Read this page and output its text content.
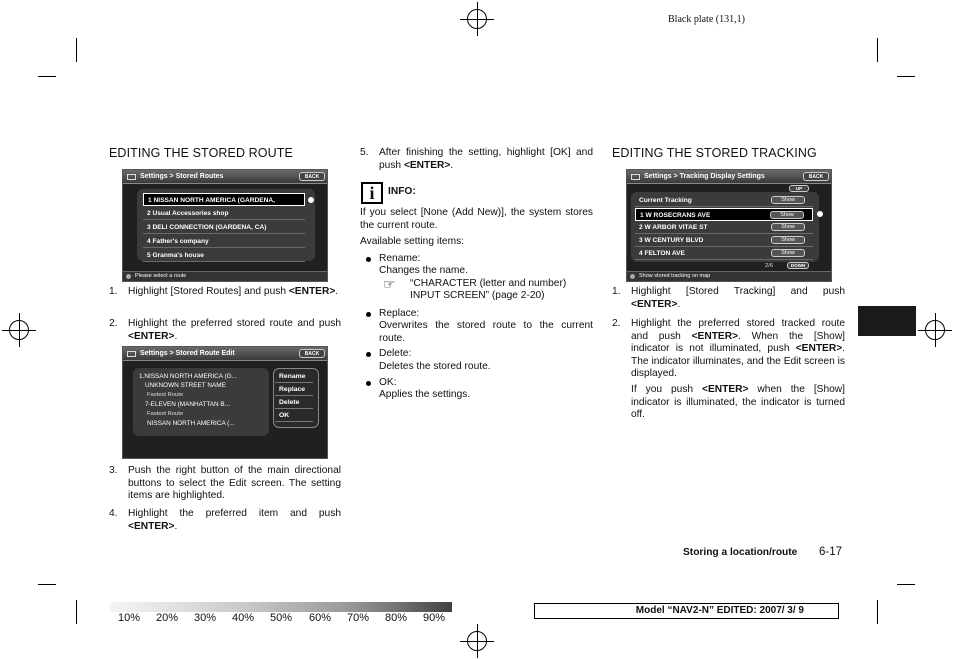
Black plate (131,1)
EDITING THE STORED ROUTE
Settings > Stored Routes	BACK
1 NISSAN NORTH AMERICA (GARDENA,
2 Usual Accessories shop
3 DELI CONNECTION (GARDENA, CA)
4 Father's company
5 Granma's house
Please select a route
1. Highlight [Stored Routes] and push <ENTER>.
2. Highlight the preferred stored route and push <ENTER>.
Settings > Stored Route Edit	BACK
1.NISSAN NORTH AMERICA (G...
UNKNOWN STREET NAME
Fastest Route
7-ELEVEN (MANHATTAN B...
Fastest Route
NISSAN NORTH AMERICA (...
Rename
Replace
Delete
OK
3. Push the right button of the main directional buttons to select the Edit screen. The setting items are highlighted.
4. Highlight the preferred item and push <ENTER>.
5. After finishing the setting, highlight [OK] and push <ENTER>.
i	INFO:
If you select [None (Add New)], the system stores the current route.
Available setting items:
Rename:
Changes the name.
☞ “CHARACTER (letter and number)
INPUT SCREEN” (page 2-20)
Replace:
Overwrites the stored route to the current route.
Delete:
Deletes the stored route.
OK:
Applies the settings.
EDITING THE STORED TRACKING
Settings > Tracking Display Settings	BACK
UP
Current Tracking	Show
1 W ROSECRANS AVE	Show
2 W ARBOR VITAE ST	Show
3 W CENTURY BLVD	Show
4 FELTON AVE	Show
2/6	DOWN
Show stored tracking on map
1. Highlight [Stored Tracking] and push <ENTER>.
2. Highlight the preferred stored tracked route and push <ENTER>. When the [Show] indicator is not illuminated, push <ENTER>. The indicator illuminates, and the Edit screen is displayed.
If you push <ENTER> when the [Show] indicator is illuminated, the indicator is turned off.
Storing a location/route 6-17
10% 20% 30% 40% 50% 60% 70% 80% 90%
Model “NAV2-N” EDITED: 2007/ 3/ 9
